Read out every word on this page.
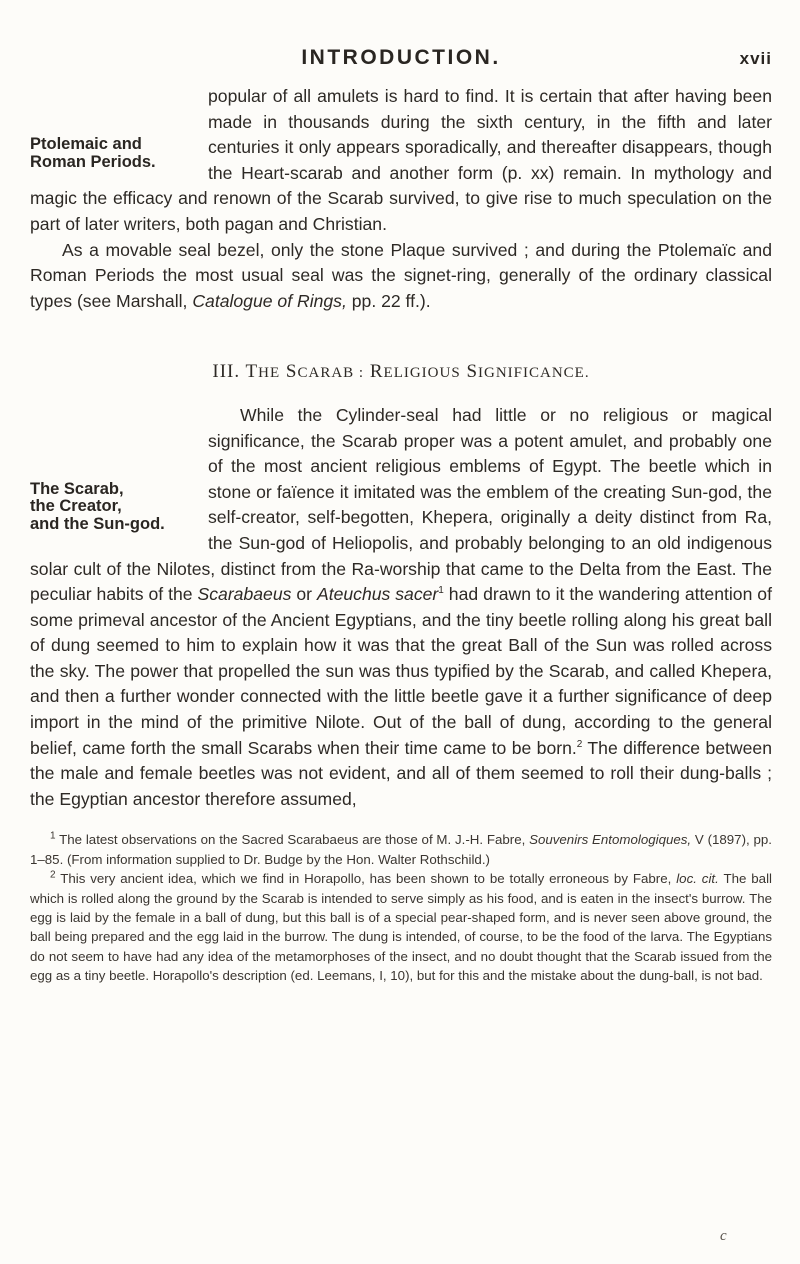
INTRODUCTION.	xvii
Ptolemaic and
Roman Periods.

popular of all amulets is hard to find. It is certain that after having been made in thousands during the sixth century, in the fifth and later centuries it only appears sporadically, and thereafter disappears, though the Heart-scarab and another form (p. xx) remain. In mythology and magic the efficacy and renown of the Scarab survived, to give rise to much speculation on the part of later writers, both pagan and Christian.

As a movable seal bezel, only the stone Plaque survived ; and during the Ptolemaïc and Roman Periods the most usual seal was the signet-ring, generally of the ordinary classical types (see Marshall, Catalogue of Rings, pp. 22 ff.).

III. THE SCARAB : RELIGIOUS SIGNIFICANCE.
The Scarab,
the Creator,
and the Sun-god.

While the Cylinder-seal had little or no religious or magical significance, the Scarab proper was a potent amulet, and probably one of the most ancient religious emblems of Egypt. The beetle which in stone or faïence it imitated was the emblem of the creating Sun-god, the self-creator, self-begotten, Khepera, originally a deity distinct from Ra, the Sun-god of Heliopolis, and probably belonging to an old indigenous solar cult of the Nilotes, distinct from the Ra-worship that came to the Delta from the East. The peculiar habits of the Scarabaeus or Ateuchus sacer$^1$ had drawn to it the wandering attention of some primeval ancestor of the Ancient Egyptians, and the tiny beetle rolling along his great ball of dung seemed to him to explain how it was that the great Ball of the Sun was rolled across the sky. The power that propelled the sun was thus typified by the Scarab, and called Khepera, and then a further wonder connected with the little beetle gave it a further significance of deep import in the mind of the primitive Nilote. Out of the ball of dung, according to the general belief, came forth the small Scarabs when their time came to be born.$^2$ The difference between the male and female beetles was not evident, and all of them seemed to roll their dung-balls ; the Egyptian ancestor therefore assumed,

$^1$ The latest observations on the Sacred Scarabaeus are those of M. J.-H. Fabre, Souvenirs Entomologiques, V (1897), pp. 1–85. (From information supplied to Dr. Budge by the Hon. Walter Rothschild.)

$^2$ This very ancient idea, which we find in Horapollo, has been shown to be totally erroneous by Fabre, loc. cit. The ball which is rolled along the ground by the Scarab is intended to serve simply as his food, and is eaten in the insect's burrow. The egg is laid by the female in a ball of dung, but this ball is of a special pear-shaped form, and is never seen above ground, the ball being prepared and the egg laid in the burrow. The dung is intended, of course, to be the food of the larva. The Egyptians do not seem to have had any idea of the metamorphoses of the insect, and no doubt thought that the Scarab issued from the egg as a tiny beetle. Horapollo's description (ed. Leemans, I, 10), but for this and the mistake about the dung-ball, is not bad.

c
